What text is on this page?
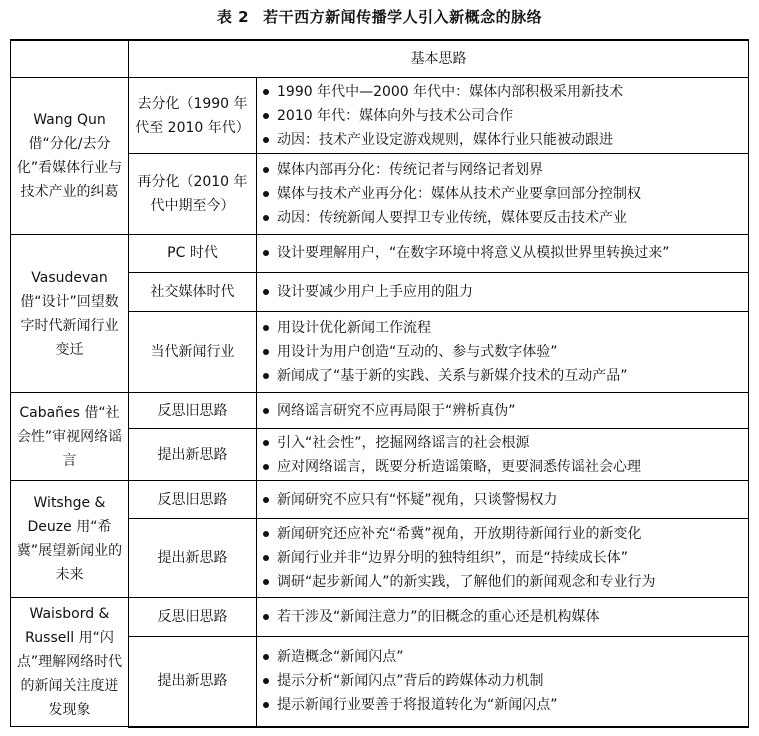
表 2 若干西方新闻传播学人引入新概念的脉络
	基本思路	
Wang Qun 借“分化/去分化”看媒体行业与技术产业的纠葛	去分化（1990 年代至 2010 年代）	1990 年代中—2000 年代中：媒体内部积极采用新技术
2010 年代：媒体向外与技术公司合作
动因：技术产业设定游戏规则，媒体行业只能被动跟进

	再分化（2010 年代中期至今）	媒体内部再分化：传统记者与网络记者划界
媒体与技术产业再分化：媒体从技术产业要拿回部分控制权
动因：传统新闻人要捍卫专业传统，媒体要反击技术产业

Vasudevan 借“设计”回望数字时代新闻行业变迁	PC 时代	设计要理解用户，“在数字环境中将意义从模拟世界里转换过来”

	社交媒体时代	设计要减少用户上手应用的阻力

	当代新闻行业	用设计优化新闻工作流程
用设计为用户创造“互动的、参与式数字体验”
新闻成了“基于新的实践、关系与新媒介技术的互动产品”

Cabañes 借“社会性”审视网络谣言	反思旧思路	网络谣言研究不应再局限于“辨析真伪”

	提出新思路	引入“社会性”，挖掘网络谣言的社会根源
应对网络谣言，既要分析造谣策略，更要洞悉传谣社会心理

Witshge & Deuze 用“希冀”展望新闻业的未来	反思旧思路	新闻研究不应只有“怀疑”视角，只谈警惕权力

	提出新思路	新闻研究还应补充“希冀”视角，开放期待新闻行业的新变化
新闻行业并非“边界分明的独特组织”，而是“持续成长体”
调研“起步新闻人”的新实践，了解他们的新闻观念和专业行为

Waisbord & Russell 用“闪点”理解网络时代的新闻关注度迸发现象	反思旧思路	若干涉及“新闻注意力”的旧概念的重心还是机构媒体

	提出新思路	新造概念“新闻闪点”
提示分析“新闻闪点”背后的跨媒体动力机制
提示新闻行业要善于将报道转化为“新闻闪点”
